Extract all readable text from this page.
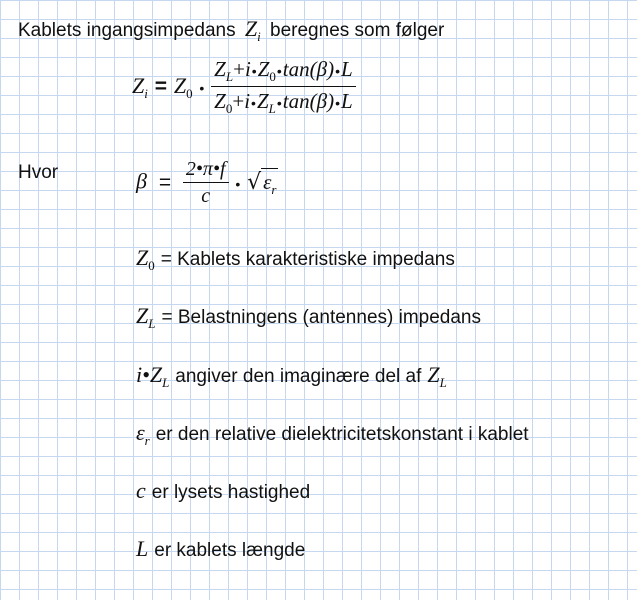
Kablets ingangsimpedans $Z_i$ beregnes som følger
$Z_i = Z_0$ • $\frac{Z_L+i•Z_0•\tan(\beta)•L}{Z_0+i•Z_L•\tan(\beta)•L}$
Hvor	$\beta = \frac{2•\pi•f}{c}$ • $√\varepsilon_r$
$Z_0$ = Kablets karakteristiske impedans
$Z_L$ = Belastningens (antennes) impedans
$i•Z_L$ angiver den imaginære del af $Z_L$
$\varepsilon_r$ er den relative dielektricitetskonstant i kablet
c er lysets hastighed
L er kablets længde
